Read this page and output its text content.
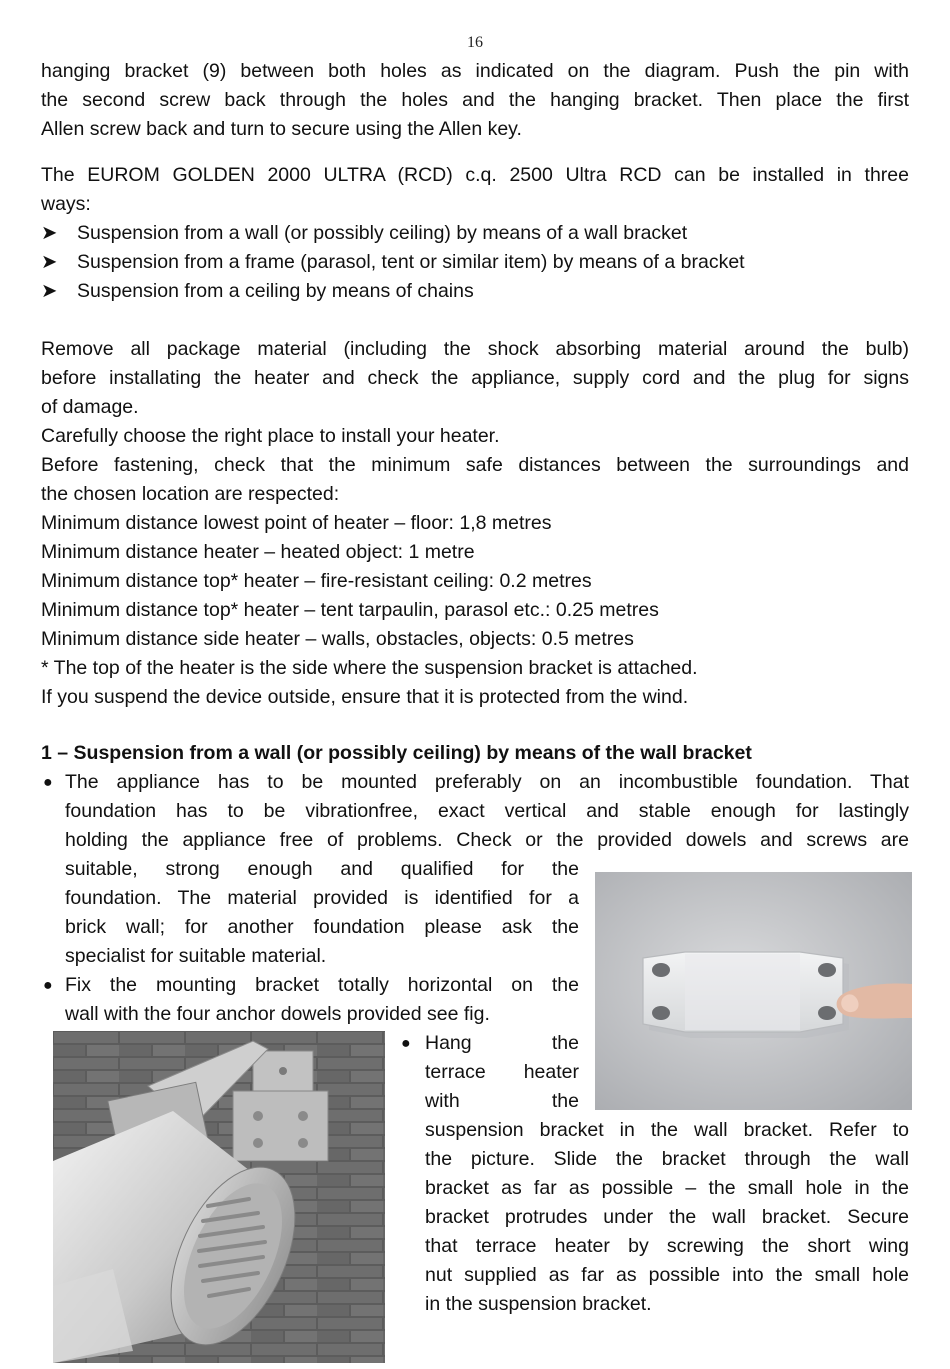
16
hanging bracket (9) between both holes as indicated on the diagram. Push the pin with
the second screw back through the holes and the hanging bracket. Then place the first
Allen screw back and turn to secure using the Allen key.
The EUROM GOLDEN 2000 ULTRA (RCD) c.q. 2500 Ultra RCD can be installed in three
ways:
➤ Suspension from a wall (or possibly ceiling) by means of a wall bracket
➤ Suspension from a frame (parasol, tent or similar item) by means of a bracket
➤ Suspension from a ceiling by means of chains
Remove all package material (including the shock absorbing material around the bulb)
before installating the heater and check the appliance, supply cord and the plug for signs
of damage.
Carefully choose the right place to install your heater.
Before fastening, check that the minimum safe distances between the surroundings and
the chosen location are respected:
Minimum distance lowest point of heater – floor: 1,8 metres
Minimum distance heater – heated object: 1 metre
Minimum distance top* heater – fire-resistant ceiling: 0.2 metres
Minimum distance top* heater – tent tarpaulin, parasol etc.: 0.25 metres
Minimum distance side heater – walls, obstacles, objects: 0.5 metres
* The top of the heater is the side where the suspension bracket is attached.
If you suspend the device outside, ensure that it is protected from the wind.
1 – Suspension from a wall (or possibly ceiling) by means of the wall bracket
● The appliance has to be mounted preferably on an incombustible foundation. That
foundation has to be vibrationfree, exact vertical and stable enough for lastingly
holding the appliance free of problems. Check or the provided dowels and screws are
suitable, strong enough and qualified for the
foundation. The material provided is identified for a
brick wall; for another foundation please ask the
specialist for suitable material.
● Fix the mounting bracket totally horizontal on the
wall with the four anchor dowels provided see fig.
● Hang the
terrace heater
with the
suspension bracket in the wall bracket. Refer to
the picture. Slide the bracket through the wall
bracket as far as possible – the small hole in the
bracket protrudes under the wall bracket. Secure
that terrace heater by screwing the short wing
nut supplied as far as possible into the small hole
in the suspension bracket.
